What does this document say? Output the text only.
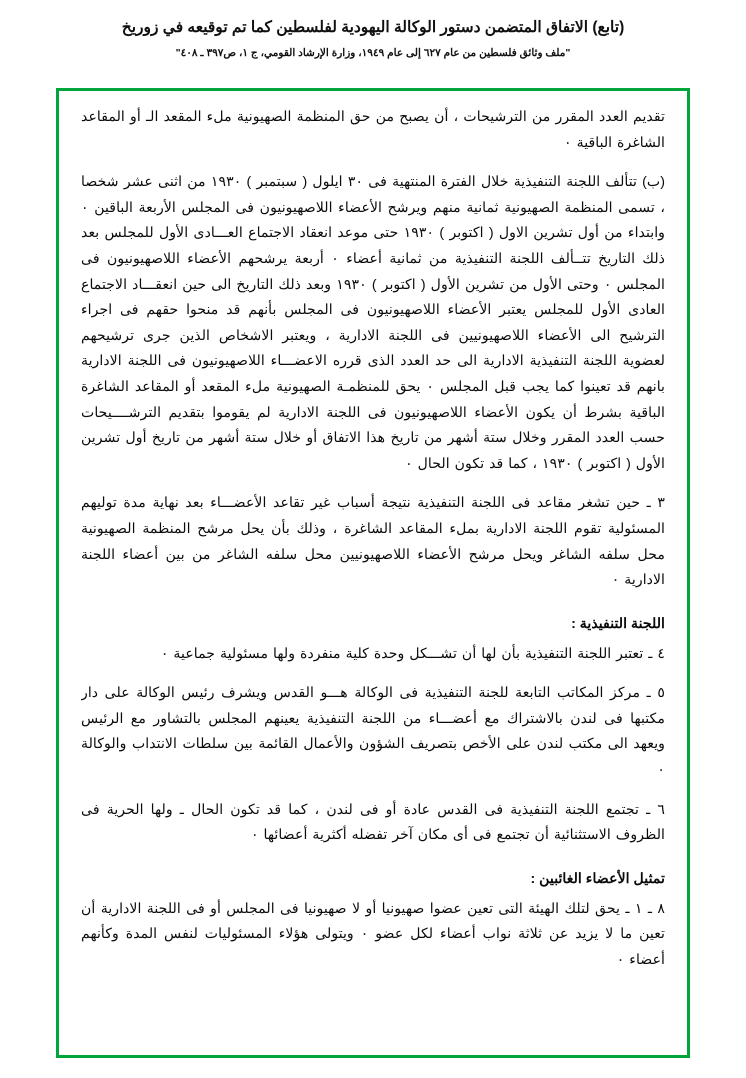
(تابع) الاتفاق المتضمن دستور الوكالة اليهودية لفلسطين كما تم توقيعه في زوريخ
"ملف وثائق فلسطين من عام ٦٢٧ إلى عام ١٩٤٩، وزارة الإرشاد القومي، ج ١، ص٣٩٧ ـ ٤٠٨"

تقديم العدد المقرر من الترشيحات ، أن يصبح من حق المنظمة الصهيونية ملء المقعد الـ أو المقاعد الشاغرة الباقية ٠

(ب) تتألف اللجنة التنفيذية خلال الفترة المنتهية فى ٣٠ ايلول ( سبتمبر ) ١٩٣٠ من اثنى عشر شخصا ، تسمى المنظمة الصهيونية ثمانية منهم ويرشح الأعضاء اللاصهيونيون فى المجلس الأربعة الباقين ٠ وابتداء من أول تشرين الاول ( اكتوبر ) ١٩٣٠ حتى موعد انعقاد الاجتماع العـــادى الأول للمجلس بعد ذلك التاريخ تتــألف اللجنة التنفيذية من ثمانية أعضاء ٠ أربعة يرشحهم الأعضاء اللاصهيونيون فى المجلس ٠ وحتى الأول من تشرين الأول ( اكتوبر ) ١٩٣٠ وبعد ذلك التاريخ الى حين انعقـــاد الاجتماع العادى الأول للمجلس يعتبر الأعضاء اللاصهيونيون فى المجلس بأنهم قد منحوا حقهم فى اجراء الترشيح الى الأعضاء اللاصهيونيين فى اللجنة الادارية ، ويعتبر الاشخاص الذين جرى ترشيحهم لعضوية اللجنة التنفيذية الادارية الى حد العدد الذى قرره الاعضـــاء اللاصهيونيون فى اللجنة الادارية بانهم قد تعينوا كما يجب قبل المجلس ٠ يحق للمنظمـة الصهيونية ملء المقعد أو المقاعد الشاغرة الباقية بشرط أن يكون الأعضاء اللاصهيونيون فى اللجنة الادارية لم يقوموا بتقديم الترشــــيحات حسب العدد المقرر وخلال ستة أشهر من تاريخ هذا الاتفاق أو خلال ستة أشهر من تاريخ أول تشرين الأول ( اكتوبر ) ١٩٣٠ ، كما قد تكون الحال ٠

٣ ـ حين تشغر مقاعد فى اللجنة التنفيذية نتيجة أسباب غير تقاعد الأعضـــاء بعد نهاية مدة توليهم المسئولية تقوم اللجنة الادارية بملء المقاعد الشاغرة ، وذلك بأن يحل مرشح المنظمة الصهيونية محل سلفه الشاغر ويحل مرشح الأعضاء اللاصهيونيين محل سلفه الشاغر من بين أعضاء اللجنة الادارية ٠

اللجنة التنفيذية :

٤ ـ تعتبر اللجنة التنفيذية بأن لها أن تشـــكل وحدة كلية منفردة ولها مسئولية جماعية ٠

٥ ـ مركز المكاتب التابعة للجنة التنفيذية فى الوكالة هـــو القدس ويشرف رئيس الوكالة على دار مكتبها فى لندن بالاشتراك مع أعضـــاء من اللجنة التنفيذية يعينهم المجلس بالتشاور مع الرئيس ويعهد الى مكتب لندن على الأخص بتصريف الشؤون والأعمال القائمة بين سلطات الانتداب والوكالة ٠

٦ ـ تجتمع اللجنة التنفيذية فى القدس عادة أو فى لندن ، كما قد تكون الحال ـ ولها الحرية فى الظروف الاستثنائية أن تجتمع فى أى مكان آخر تفضله أكثرية أعضائها ٠

تمثيل الأعضاء الغائبين :

٨ ـ ١ ـ يحق لتلك الهيئة التى تعين عضوا صهيونيا أو لا صهيونيا فى المجلس أو فى اللجنة الادارية أن تعين ما لا يزيد عن ثلاثة نواب أعضاء لكل عضو ٠ ويتولى هؤلاء المسئوليات لنفس المدة وكأنهم أعضاء ٠
